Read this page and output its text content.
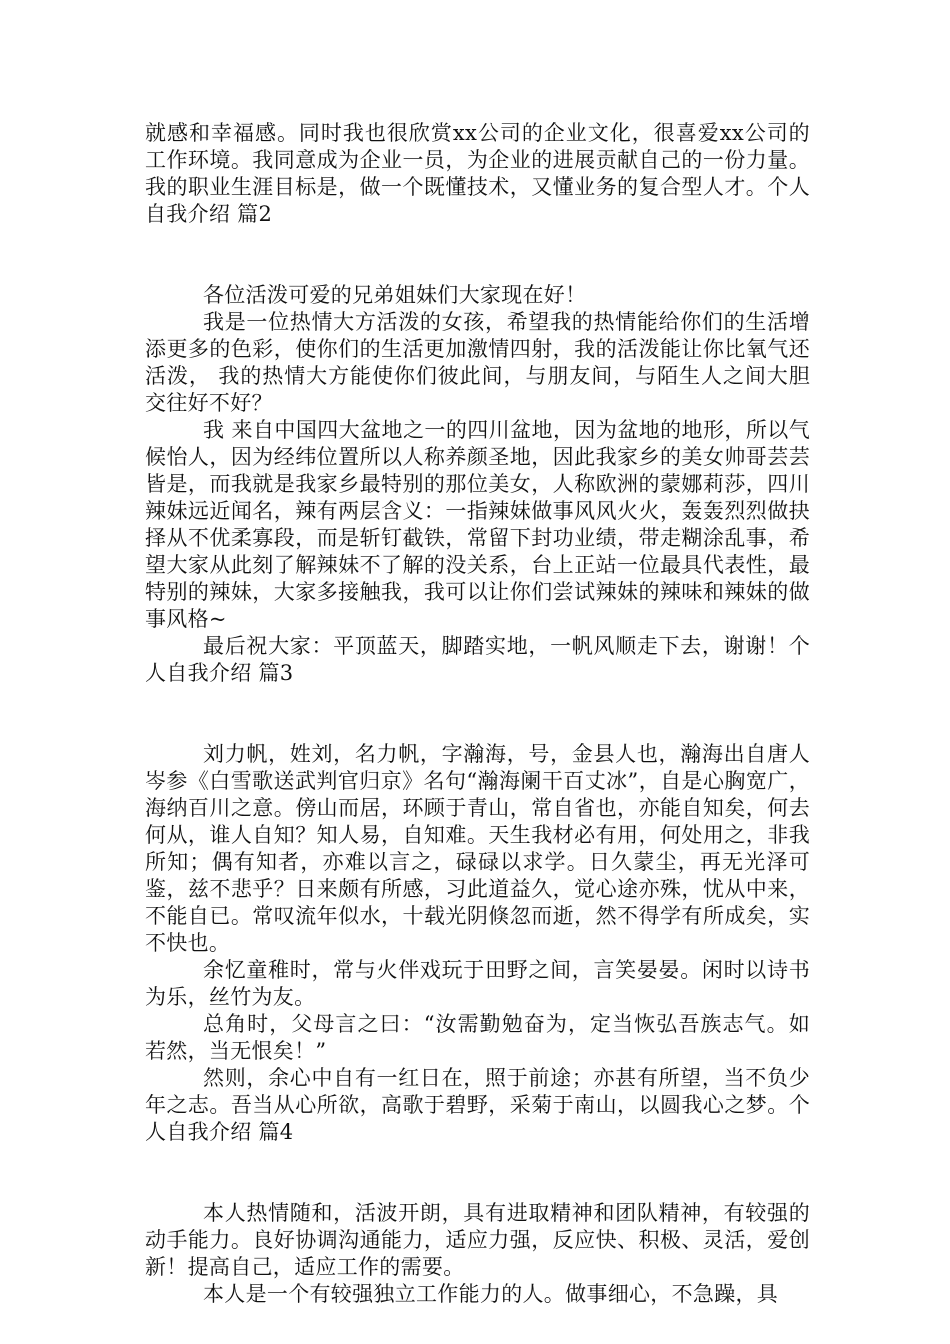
就感和幸福感。同时我也很欣赏xx公司的企业文化，很喜爱xx公司的工作环境。我同意成为企业一员，为企业的进展贡献自己的一份力量。我的职业生涯目标是，做一个既懂技术，又懂业务的复合型人才。个人自我介绍 篇2

各位活泼可爱的兄弟姐妹们大家现在好！

我是一位热情大方活泼的女孩，希望我的热情能给你们的生活增添更多的色彩，使你们的生活更加激情四射，我的活泼能让你比氧气还活泼， 我的热情大方能使你们彼此间，与朋友间，与陌生人之间大胆交往好不好？

我 来自中国四大盆地之一的四川盆地，因为盆地的地形，所以气候怡人，因为经纬位置所以人称养颜圣地，因此我家乡的美女帅哥芸芸皆是，而我就是我家乡最特别的那位美女，人称欧洲的蒙娜莉莎，四川辣妹远近闻名，辣有两层含义：一指辣妹做事风风火火，轰轰烈烈做抉择从不优柔寡段，而是斩钉截铁，常留下封功业绩，带走糊涂乱事，希望大家从此刻了解辣妹不了解的没关系，台上正站一位最具代表性，最特别的辣妹，大家多接触我，我可以让你们尝试辣妹的辣味和辣妹的做事风格~

最后祝大家：平顶蓝天，脚踏实地，一帆风顺走下去，谢谢！个人自我介绍 篇3

刘力帆，姓刘，名力帆，字瀚海，号，金县人也，瀚海出自唐人岑参《白雪歌送武判官归京》名句“瀚海阑干百丈冰”，自是心胸宽广，海纳百川之意。傍山而居，环顾于青山，常自省也，亦能自知矣，何去何从，谁人自知？知人易，自知难。天生我材必有用，何处用之，非我所知；偶有知者，亦难以言之，碌碌以求学。日久蒙尘，再无光泽可鉴，兹不悲乎？日来颇有所感，习此道益久，觉心途亦殊，忧从中来，不能自已。常叹流年似水，十载光阴倏忽而逝，然不得学有所成矣，实不快也。

余忆童稚时，常与火伴戏玩于田野之间，言笑晏晏。闲时以诗书为乐，丝竹为友。

总角时，父母言之曰：“汝需勤勉奋为，定当恢弘吾族志气。如若然，当无恨矣！”

然则，余心中自有一红日在，照于前途；亦甚有所望，当不负少年之志。吾当从心所欲，高歌于碧野，采菊于南山，以圆我心之梦。个人自我介绍 篇4

本人热情随和，活波开朗，具有进取精神和团队精神，有较强的动手能力。良好协调沟通能力，适应力强，反应快、积极、灵活，爱创新！提高自己，适应工作的需要。

本人是一个有较强独立工作能力的人。做事细心，不急躁，具
